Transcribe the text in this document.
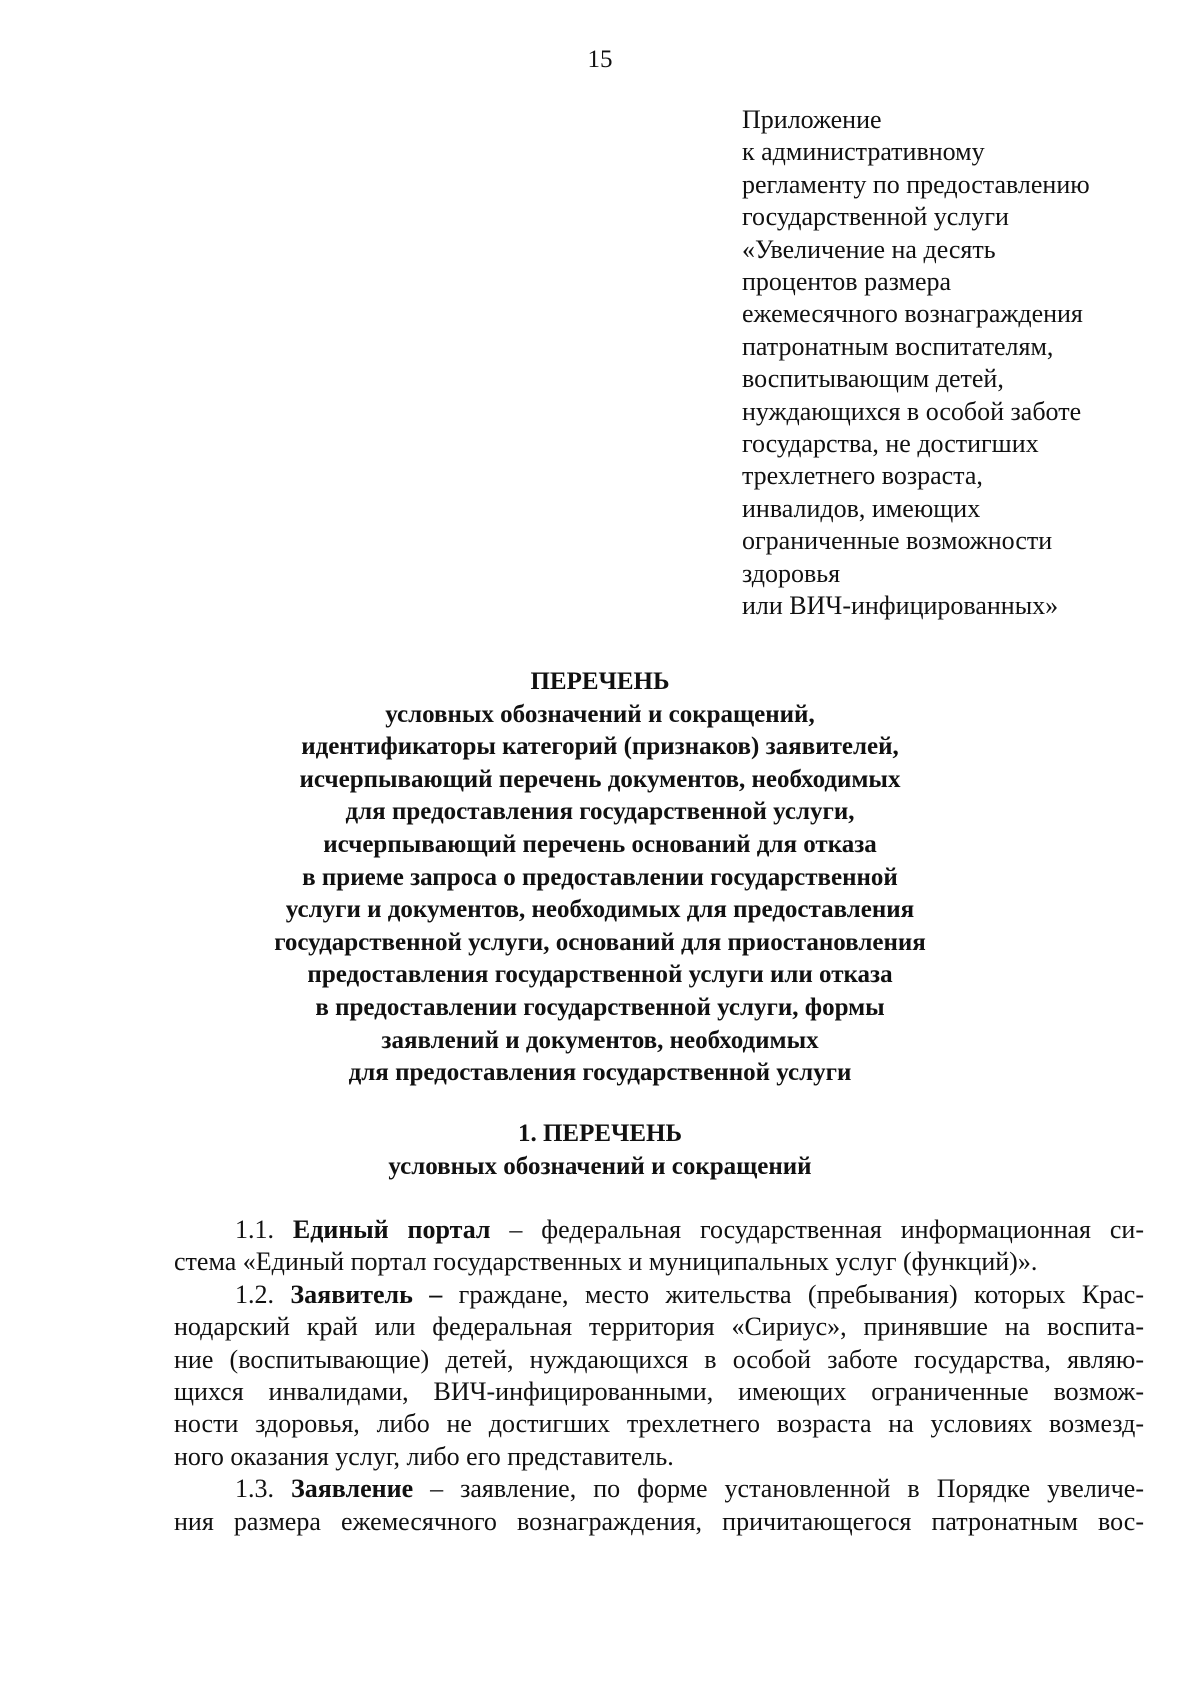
15
Приложение
к административному
регламенту по предоставлению
государственной услуги
«Увеличение на десять
процентов размера
ежемесячного вознаграждения
патронатным воспитателям,
воспитывающим детей,
нуждающихся в особой заботе
государства, не достигших
трехлетнего возраста,
инвалидов, имеющих
ограниченные возможности
здоровья
или ВИЧ-инфицированных»
ПЕРЕЧЕНЬ
условных обозначений и сокращений,
идентификаторы категорий (признаков) заявителей,
исчерпывающий перечень документов, необходимых
для предоставления государственной услуги,
исчерпывающий перечень оснований для отказа
в приеме запроса о предоставлении государственной
услуги и документов, необходимых для предоставления
государственной услуги, оснований для приостановления
предоставления государственной услуги или отказа
в предоставлении государственной услуги, формы
заявлений и документов, необходимых
для предоставления государственной услуги
1. ПЕРЕЧЕНЬ
условных обозначений и сокращений
1.1. Единый портал – федеральная государственная информационная си-
стема «Единый портал государственных и муниципальных услуг (функций)».
1.2. Заявитель – граждане, место жительства (пребывания) которых Крас-
нодарский край или федеральная территория «Сириус», принявшие на воспита-
ние (воспитывающие) детей, нуждающихся в особой заботе государства, являю-
щихся инвалидами, ВИЧ-инфицированными, имеющих ограниченные возмож-
ности здоровья, либо не достигших трехлетнего возраста на условиях возмезд-
ного оказания услуг, либо его представитель.
1.3. Заявление – заявление, по форме установленной в Порядке увеличе-
ния размера ежемесячного вознаграждения, причитающегося патронатным вос-
